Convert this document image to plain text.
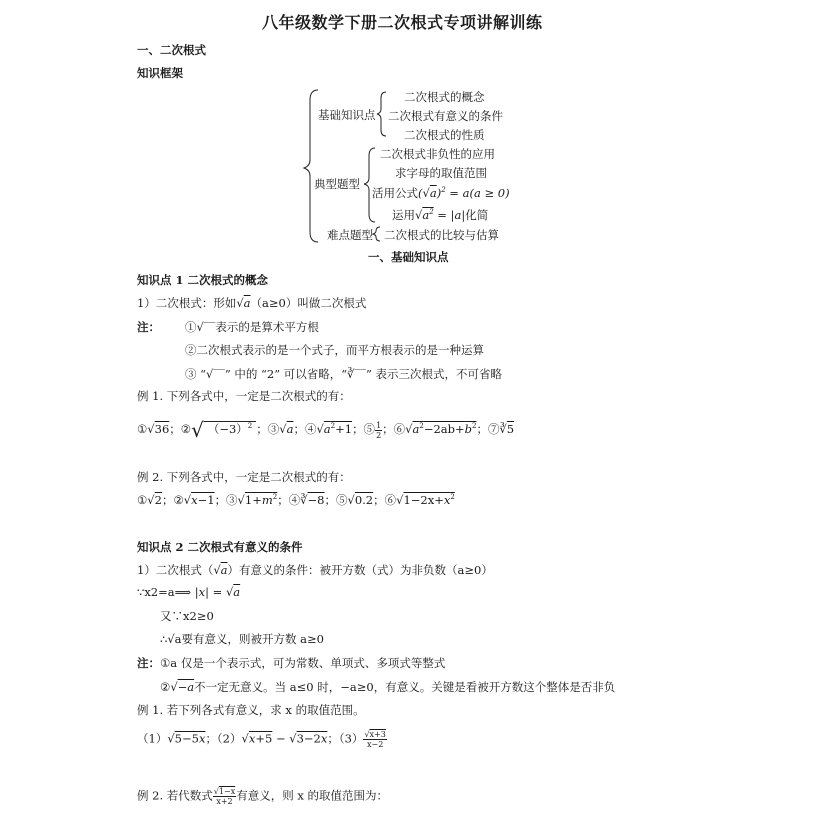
八年级数学下册二次根式专项讲解训练
一、二次根式
知识框架
基础知识点
二次根式的概念
二次根式有意义的条件
二次根式的性质
典型题型
二次根式非负性的应用
求字母的取值范围
活用公式$(√a)^2 = a(a \ge 0)$
运用$√a^2 = |a|$化简
难点题型 二次根式的比较与估算
一、基础知识点
知识点 1 二次根式的概念
1）二次根式：形如√a（a≥0）叫做二次根式
注： ①√‾‾表示的是算术平方根
②二次根式表示的是一个式子，而平方根表示的是一种运算
③ “√‾‾” 中的 “2” 可以省略，“∛‾‾” 表示三次根式，不可省略
例 1. 下列各式中，一定是二次根式的有：
①√36；②√ $(-3)^2$ ；③√a；$④√a^2+1$；⑤ $\frac{1}{2}$ ；$⑥√a^2-2ab+b^2$；⑦∛5
例 2. 下列各式中，一定是二次根式的有：
①√2；②√x−1；$③√1+m^2$；④∛−8；⑤√0.2；$⑥√1-2x+x^2$
知识点 2 二次根式有意义的条件
1）二次根式（√a）有意义的条件：被开方数（式）为非负数（a≥0）
∵x2=a⟹ |x| = √a
又∵x2≥0
∴√a要有意义，则被开方数 a≥0
注： ①a 仅是一个表示式，可为常数、单项式、多项式等整式
②√−a不一定无意义。当 a≤0 时，−a≥0，有意义。关键是看被开方数这个整体是否非负
例 1. 若下列各式有意义，求 x 的取值范围。
（1）√5−5x；（2）√x+5 − √3−2x；$(3) \frac{√x+3}{x-2}$
例 2. 若代数式 $\frac{√1-x}{x+2}$ 有意义，则 x 的取值范围为：
